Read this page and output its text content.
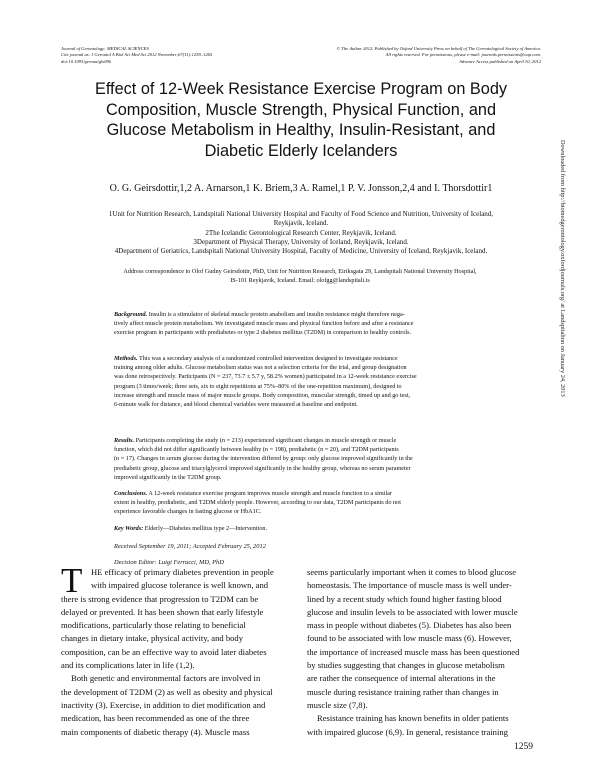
Journal of Gerontology: MEDICAL SCIENCES
Cite journal as: J Gerontol A Biol Sci Med Sci 2012 November;67(11):1259–1265
doi:10.1093/gerona/gls096
© The Author 2012. Published by Oxford University Press on behalf of The Gerontological Society of America.
All rights reserved. For permissions, please e-mail: journals.permissions@oup.com.
Advance Access published on April 10, 2012
Effect of 12-Week Resistance Exercise Program on Body
Composition, Muscle Strength, Physical Function, and
Glucose Metabolism in Healthy, Insulin-Resistant, and
Diabetic Elderly Icelanders
O. G. Geirsdottir,1,2 A. Arnarson,1 K. Briem,3 A. Ramel,1 P. V. Jonsson,2,4 and I. Thorsdottir1
1Unit for Nutrition Research, Landspitali National University Hospital and Faculty of Food Science and Nutrition, University of Iceland,
Reykjavik, Iceland.
2The Icelandic Gerontological Research Center, Reykjavik, Iceland.
3Department of Physical Therapy, University of Iceland, Reykjavik, Iceland.
4Department of Geriatrics, Landspitali National University Hospital, Faculty of Medicine, University of Iceland, Reykjavik, Iceland.
Address correspondence to Olof Gudny Geirsdottir, PhD, Unit for Nutrition Research, Eiriksgata 29, Landspitali National University Hospital,
IS-101 Reykjavik, Iceland. Email: olofgg@landspitali.is
Background. Insulin is a stimulator of skeletal muscle protein anabolism and insulin resistance might therefore nega-
tively affect muscle protein metabolism. We investigated muscle mass and physical function before and after a resistance
exercise program in participants with prediabetes or type 2 diabetes mellitus (T2DM) in comparison to healthy controls.
Methods. This was a secondary analysis of a randomized controlled intervention designed to investigate resistance
training among older adults. Glucose metabolism status was not a selection criteria for the trial, and group designation
was done retrospectively. Participants (N = 237, 73.7 ± 5.7 y, 58.2% women) participated in a 12-week resistance exercise
program (3 times/week; three sets, six to eight repetitions at 75%–80% of the one-repetition maximum), designed to
increase strength and muscle mass of major muscle groups. Body composition, muscular strength, timed up and go test,
6-minute walk for distance, and blood chemical variables were measured at baseline and endpoint.
Results. Participants completing the study (n = 213) experienced significant changes in muscle strength or muscle
function, which did not differ significantly between healthy (n = 198), prediabetic (n = 20), and T2DM participants
(n = 17). Changes in serum glucose during the intervention differed by group: only glucose improved significantly in the
prediabetic group, glucose and triacylglycerol improved significantly in the healthy group, whereas no serum parameter
improved significantly in the T2DM group.
Conclusions. A 12-week resistance exercise program improves muscle strength and muscle function to a similar
extent in healthy, prediabetic, and T2DM elderly people. However, according to our data, T2DM participants do not
experience favorable changes in fasting glucose or HbA1C.
Key Words: Elderly—Diabetes mellitus type 2—Intervention.
Received September 19, 2011; Accepted February 25, 2012
Decision Editor: Luigi Ferrucci, MD, PhD
T	HE efficacy of primary diabetes prevention in people
with impaired glucose tolerance is well known, and
there is strong evidence that progression to T2DM can be
delayed or prevented. It has been shown that early lifestyle
modifications, particularly those relating to beneficial
changes in dietary intake, physical activity, and body
composition, can be an effective way to avoid later diabetes
and its complications later in life (1,2).
Both genetic and environmental factors are involved in
the development of T2DM (2) as well as obesity and physical
inactivity (3). Exercise, in addition to diet modification and
medication, has been recommended as one of the three
main components of diabetic therapy (4). Muscle mass
seems particularly important when it comes to blood glucose
homeostasis. The importance of muscle mass is well under-
lined by a recent study which found higher fasting blood
glucose and insulin levels to be associated with lower muscle
mass in people without diabetes (5). Diabetes has also been
found to be associated with low muscle mass (6). However,
the importance of increased muscle mass has been questioned
by studies suggesting that changes in glucose metabolism
are rather the consequence of internal alterations in the
muscle during resistance training rather than changes in
muscle size (7,8).
Resistance training has known benefits in older patients
with impaired glucose (6,9). In general, resistance training
1259
Downloaded from http://biomedgerontology.oxfordjournals.org/ at Landspitalinn on January 24, 2013
